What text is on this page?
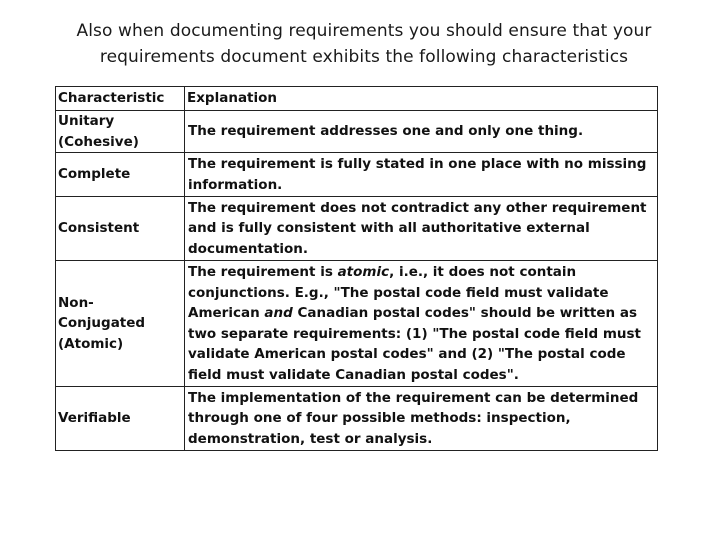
Also when documenting requirements you should ensure that your
requirements document exhibits the following characteristics
Characteristic	Explanation
Unitary (Cohesive)	The requirement addresses one and only one thing.
Complete	The requirement is fully stated in one place with no missing information.
Consistent	The requirement does not contradict any other requirement and is fully consistent with all authoritative external documentation.
Non-Conjugated (Atomic)	The requirement is atomic, i.e., it does not contain conjunctions. E.g., "The postal code field must validate American and Canadian postal codes" should be written as two separate requirements: (1) "The postal code field must validate American postal codes" and (2) "The postal code field must validate Canadian postal codes".
Verifiable	The implementation of the requirement can be determined through one of four possible methods: inspection, demonstration, test or analysis.
